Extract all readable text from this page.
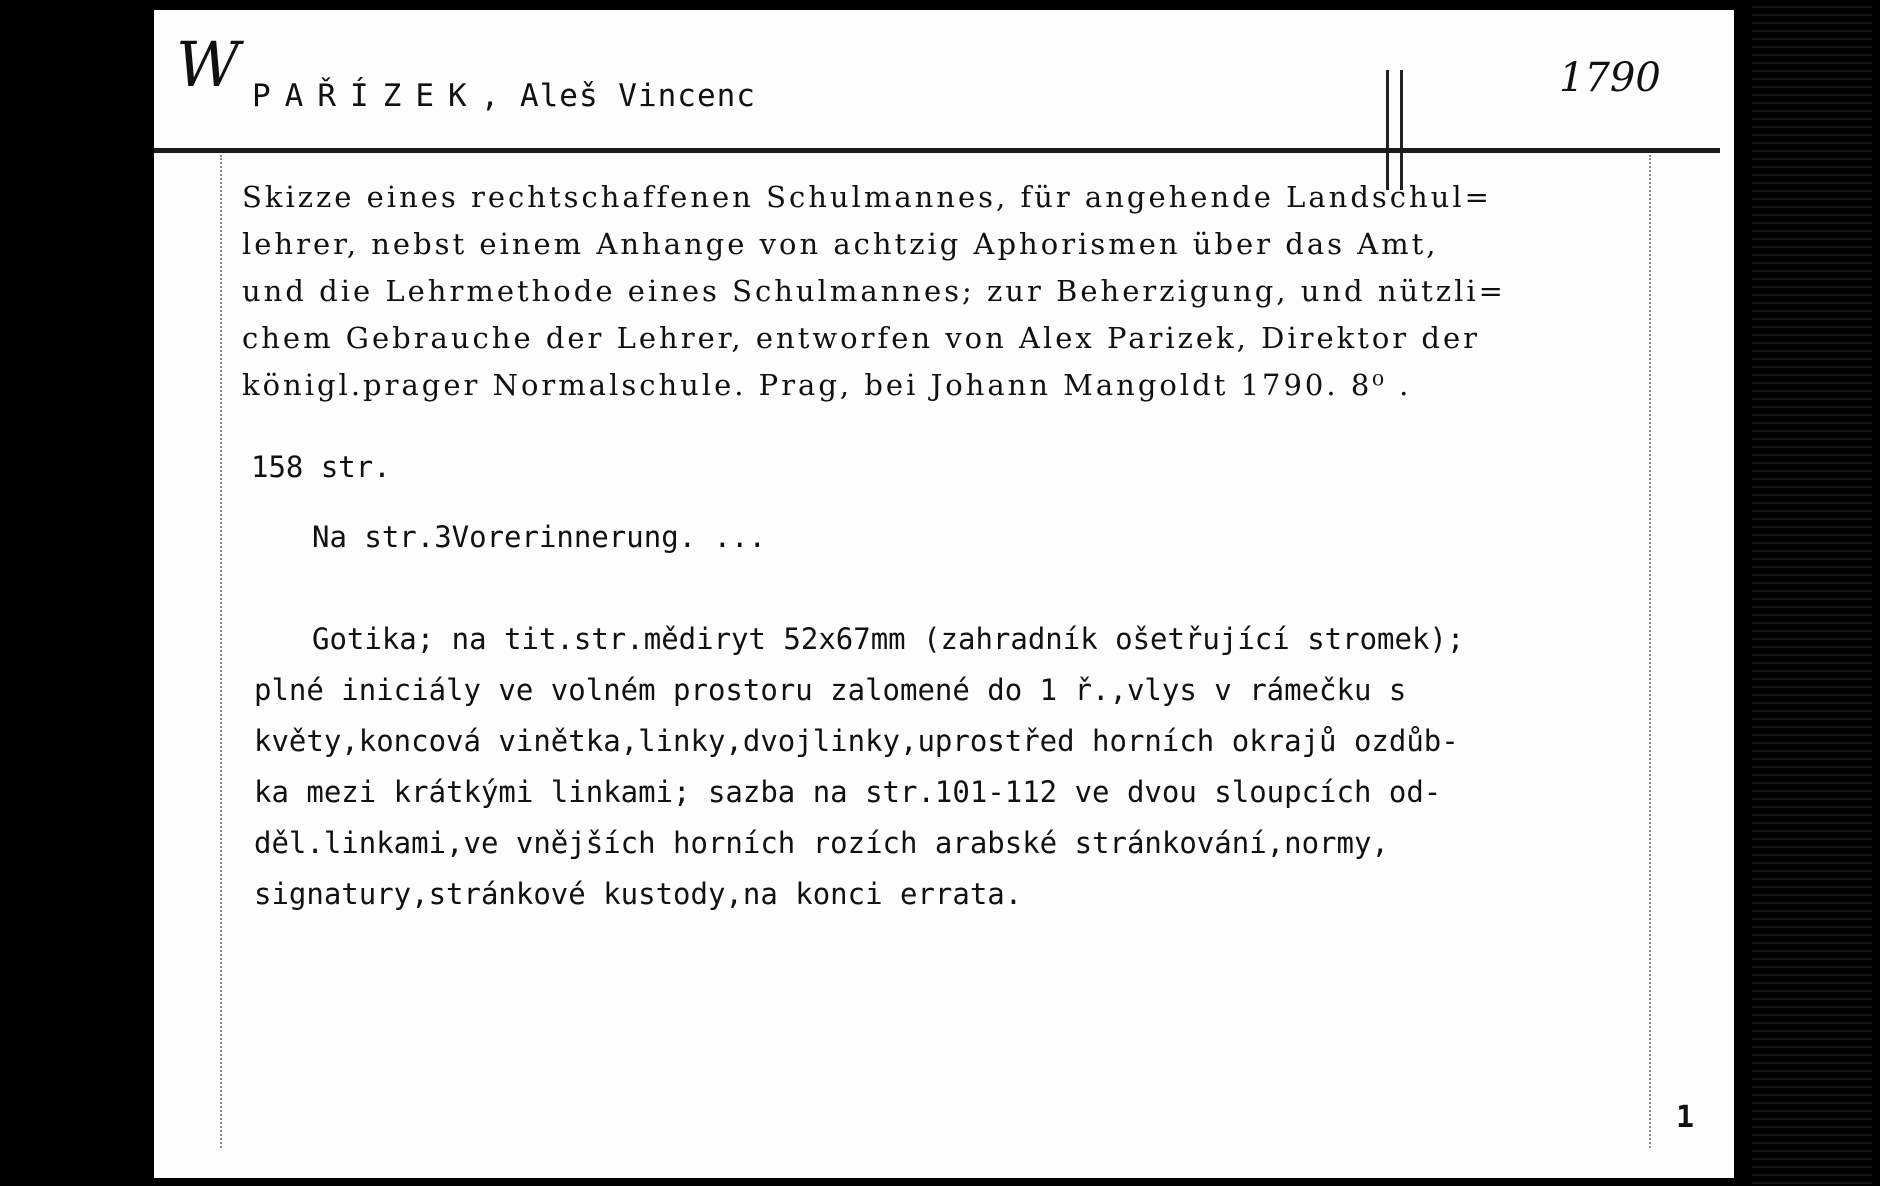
W PAŘÍZEK, Aleš Vincenc	1790
Skizze eines rechtschaffenen Schulmannes, für angehende Landschul=
lehrer, nebst einem Anhange von achtzig Aphorismen über das Amt,
und die Lehrmethode eines Schulmannes; zur Beherzigung, und nützli=
chem Gebrauche der Lehrer, entworfen von Alex Parizek, Direktor der
königl.prager Normalschule. Prag, bei Johann Mangoldt 1790. 8⁰ .
158 str.
Na str.3Vorerinnerung. ...
Gotika; na tit.str.mědiryt 52x67mm (zahradník ošetřující stromek);
plné iniciály ve volném prostoru zalomené do 1 ř.,vlys v rámečku s
květy,koncová vinětka,linky,dvojlinky,uprostřed horních okrajů ozdůb-
ka mezi krátkými linkami; sazba na str.101-112 ve dvou sloupcích od-
děl.linkami,ve vnějších horních rozích arabské stránkování,normy,
signatury,stránkové kustody,na konci errata.
1
